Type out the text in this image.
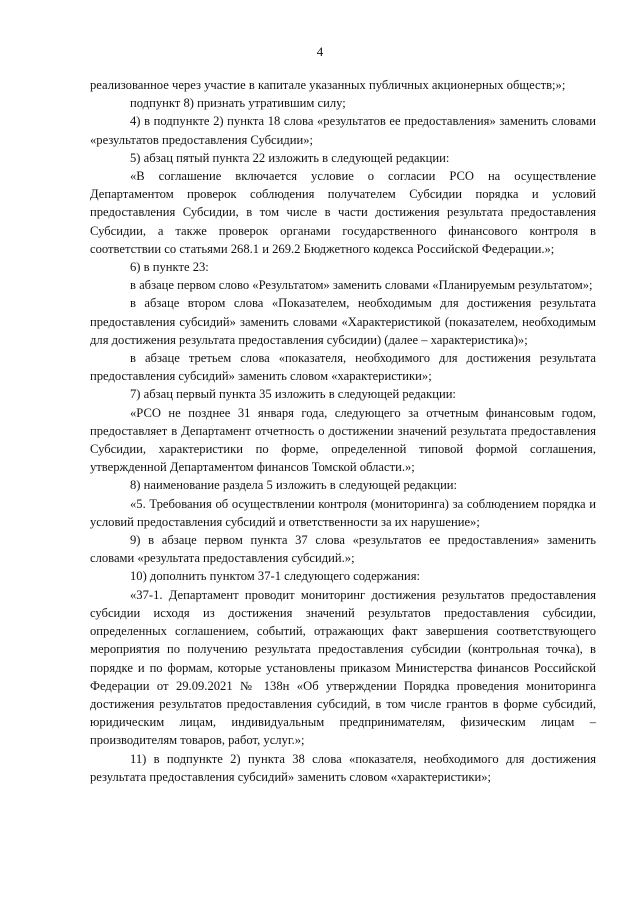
4

реализованное через участие в капитале указанных публичных акционерных обществ;»;

подпункт 8) признать утратившим силу;

4) в подпункте 2) пункта 18 слова «результатов ее предоставления» заменить словами «результатов предоставления Субсидии»;

5) абзац пятый пункта 22 изложить в следующей редакции:

«В соглашение включается условие о согласии РСО на осуществление Департаментом проверок соблюдения получателем Субсидии порядка и условий предоставления Субсидии, в том числе в части достижения результата предоставления Субсидии, а также проверок органами государственного финансового контроля в соответствии со статьями 268.1 и 269.2 Бюджетного кодекса Российской Федерации.»;

6) в пункте 23:

в абзаце первом слово «Результатом» заменить словами «Планируемым результатом»;

в абзаце втором слова «Показателем, необходимым для достижения результата предоставления субсидий» заменить словами «Характеристикой (показателем, необходимым для достижения результата предоставления субсидии) (далее – характеристика)»;

в абзаце третьем слова «показателя, необходимого для достижения результата предоставления субсидий» заменить словом «характеристики»;

7) абзац первый пункта 35 изложить в следующей редакции:

«РСО не позднее 31 января года, следующего за отчетным финансовым годом, предоставляет в Департамент отчетность о достижении значений результата предоставления Субсидии, характеристики по форме, определенной типовой формой соглашения, утвержденной Департаментом финансов Томской области.»;

8) наименование раздела 5 изложить в следующей редакции:

«5. Требования об осуществлении контроля (мониторинга) за соблюдением порядка и условий предоставления субсидий и ответственности за их нарушение»;

9) в абзаце первом пункта 37 слова «результатов ее предоставления» заменить словами «результата предоставления субсидий.»;

10) дополнить пунктом 37-1 следующего содержания:

«37-1. Департамент проводит мониторинг достижения результатов предоставления субсидии исходя из достижения значений результатов предоставления субсидии, определенных соглашением, событий, отражающих факт завершения соответствующего мероприятия по получению результата предоставления субсидии (контрольная точка), в порядке и по формам, которые установлены приказом Министерства финансов Российской Федерации от 29.09.2021 № 138н «Об утверждении Порядка проведения мониторинга достижения результатов предоставления субсидий, в том числе грантов в форме субсидий, юридическим лицам, индивидуальным предпринимателям, физическим лицам – производителям товаров, работ, услуг.»;

11) в подпункте 2) пункта 38 слова «показателя, необходимого для достижения результата предоставления субсидий» заменить словом «характеристики»;
